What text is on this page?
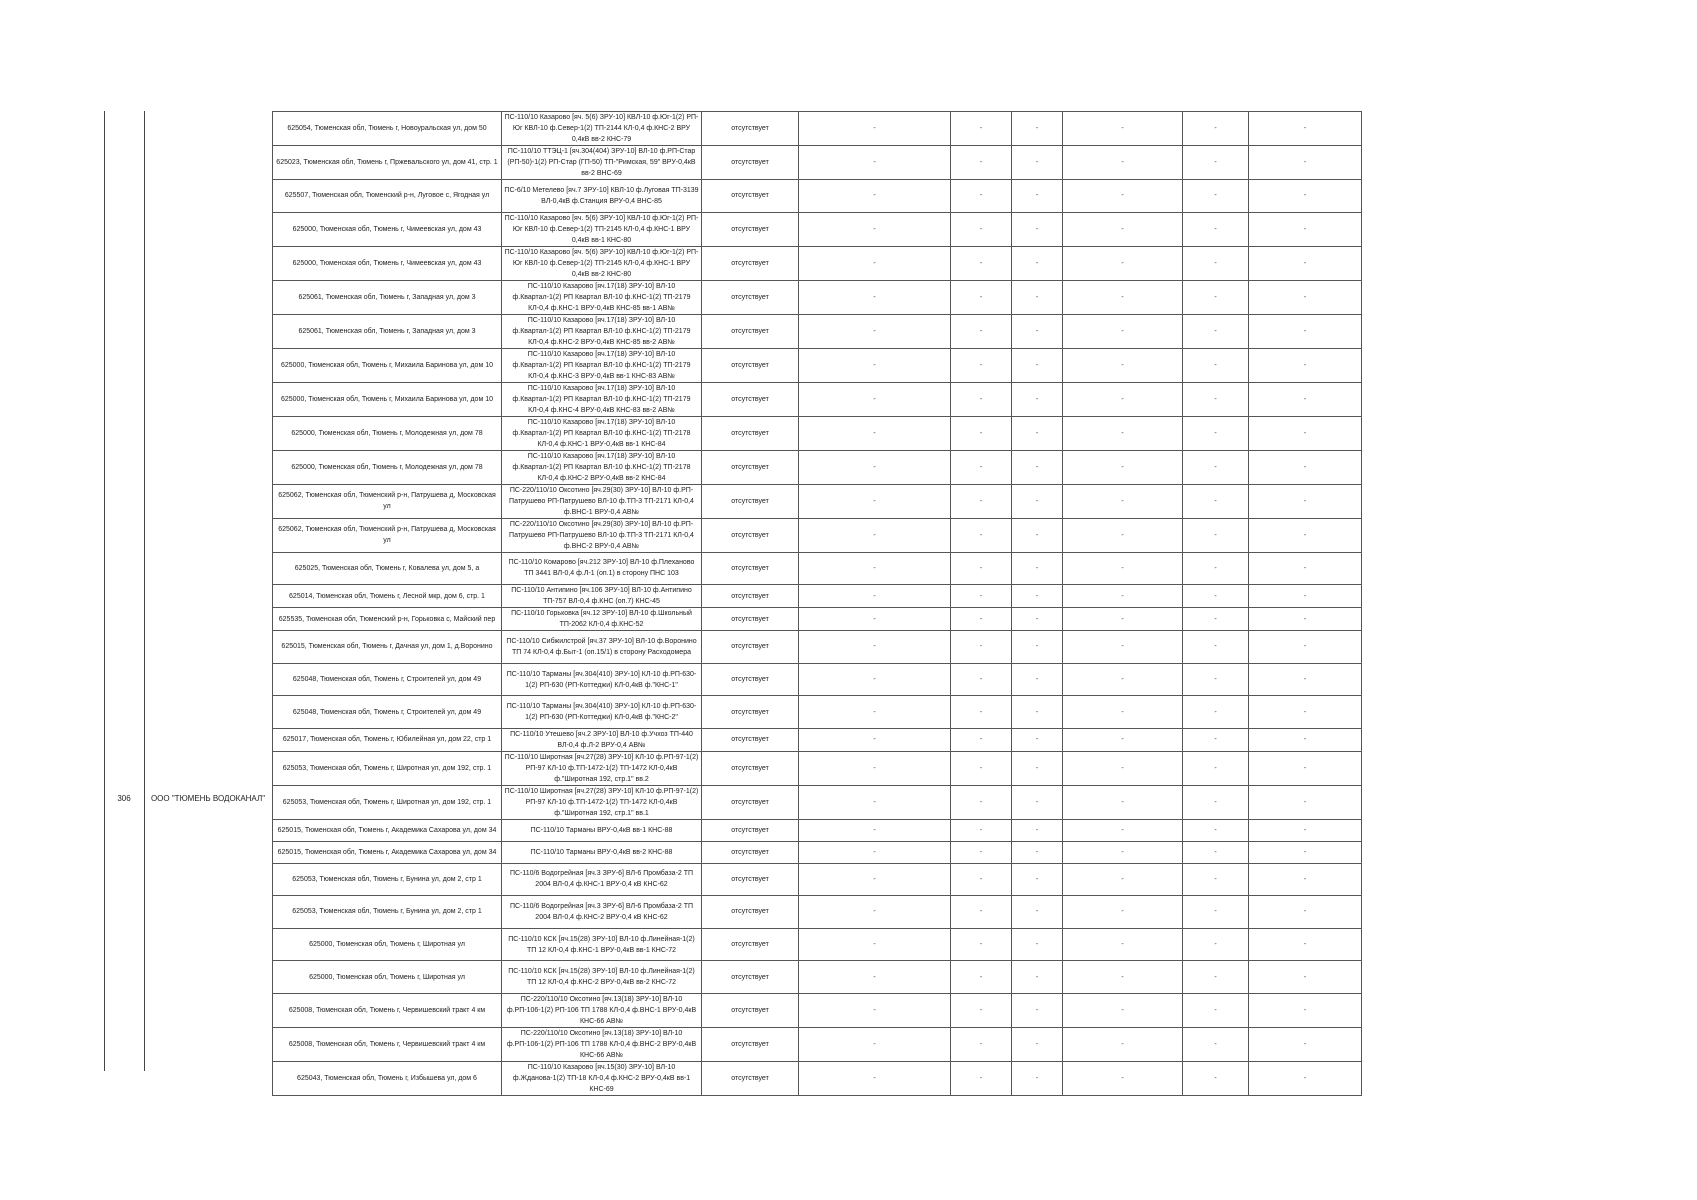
306	ООО "ТЮМЕНЬ ВОДОКАНАЛ"
625054, Тюменская обл, Тюмень г, Новоуральская ул, дом 50	ПС-110/10 Казарово [яч. 5(6) ЗРУ-10] КВЛ-10 ф.Юг-1(2) РП-Юг КВЛ-10 ф.Север-1(2) ТП-2144 КЛ-0,4 ф.КНС-2 ВРУ 0,4кВ вв-2 КНС-79	отсутствует	-	-	-	-	-	-
625023, Тюменская обл, Тюмень г, Пржевальского ул, дом 41, стр. 1	ПС-110/10 ТТЭЦ-1 [яч.304(404) ЗРУ-10] ВЛ-10 ф.РП-Стар (РП-50)-1(2) РП-Стар (ГП-50) ТП-"Римская, 59" ВРУ-0,4кВ вв-2 ВНС-69	отсутствует	-	-	-	-	-	-
625507, Тюменская обл, Тюменский р-н, Луговое с, Ягодная ул	ПС-6/10 Метелево [яч.7 ЗРУ-10] КВЛ-10 ф.Луговая ТП-3139 ВЛ-0,4кВ ф.Станция ВРУ-0,4 ВНС-85	отсутствует	-	-	-	-	-	-
625000, Тюменская обл, Тюмень г, Чимеевская ул, дом 43	ПС-110/10 Казарово [яч. 5(6) ЗРУ-10] КВЛ-10 ф.Юг-1(2) РП-Юг КВЛ-10 ф.Север-1(2) ТП-2145 КЛ-0,4 ф.КНС-1 ВРУ 0,4кВ вв-1 КНС-80	отсутствует	-	-	-	-	-	-
625000, Тюменская обл, Тюмень г, Чимеевская ул, дом 43	ПС-110/10 Казарово [яч. 5(6) ЗРУ-10] КВЛ-10 ф.Юг-1(2) РП-Юг КВЛ-10 ф.Север-1(2) ТП-2145 КЛ-0,4 ф.КНС-1 ВРУ 0,4кВ вв-2 КНС-80	отсутствует	-	-	-	-	-	-
625061, Тюменская обл, Тюмень г, Западная ул, дом 3	ПС-110/10 Казарово [яч.17(18) ЗРУ-10] ВЛ-10 ф.Квартал-1(2) РП Квартал ВЛ-10 ф.КНС-1(2) ТП-2179 КЛ-0,4 ф.КНС-1 ВРУ-0,4кВ КНС-85 вв-1 АВ№	отсутствует	-	-	-	-	-	-
625061, Тюменская обл, Тюмень г, Западная ул, дом 3	ПС-110/10 Казарово [яч.17(18) ЗРУ-10] ВЛ-10 ф.Квартал-1(2) РП Квартал ВЛ-10 ф.КНС-1(2) ТП-2179 КЛ-0,4 ф.КНС-2 ВРУ-0,4кВ КНС-85 вв-2 АВ№	отсутствует	-	-	-	-	-	-
625000, Тюменская обл, Тюмень г, Михаила Баринова ул, дом 10	ПС-110/10 Казарово [яч.17(18) ЗРУ-10] ВЛ-10 ф.Квартал-1(2) РП Квартал ВЛ-10 ф.КНС-1(2) ТП-2179 КЛ-0,4 ф.КНС-3 ВРУ-0,4кВ вв-1 КНС-83 АВ№	отсутствует	-	-	-	-	-	-
625000, Тюменская обл, Тюмень г, Михаила Баринова ул, дом 10	ПС-110/10 Казарово [яч.17(18) ЗРУ-10] ВЛ-10 ф.Квартал-1(2) РП Квартал ВЛ-10 ф.КНС-1(2) ТП-2179 КЛ-0,4 ф.КНС-4 ВРУ-0,4кВ КНС-83 вв-2 АВ№	отсутствует	-	-	-	-	-	-
625000, Тюменская обл, Тюмень г, Молодежная ул, дом 78	ПС-110/10 Казарово [яч.17(18) ЗРУ-10] ВЛ-10 ф.Квартал-1(2) РП Квартал ВЛ-10 ф.КНС-1(2) ТП-2178 КЛ-0,4 ф.КНС-1 ВРУ-0,4кВ вв-1 КНС-84	отсутствует	-	-	-	-	-	-
625000, Тюменская обл, Тюмень г, Молодежная ул, дом 78	ПС-110/10 Казарово [яч.17(18) ЗРУ-10] ВЛ-10 ф.Квартал-1(2) РП Квартал ВЛ-10 ф.КНС-1(2) ТП-2178 КЛ-0,4 ф.КНС-2 ВРУ-0,4кВ вв-2 КНС-84	отсутствует	-	-	-	-	-	-
625062, Тюменская обл, Тюменский р-н, Патрушева д, Московская ул	ПС-220/110/10 Оксотино [яч.29(30) ЗРУ-10] ВЛ-10 ф.РП-Патрушево РП-Патрушево ВЛ-10 ф.ТП-3 ТП-2171 КЛ-0,4 ф.ВНС-1 ВРУ-0,4 АВ№	отсутствует	-	-	-	-	-	-
625062, Тюменская обл, Тюменский р-н, Патрушева д, Московская ул	ПС-220/110/10 Оксотино [яч.29(30) ЗРУ-10] ВЛ-10 ф.РП-Патрушево РП-Патрушево ВЛ-10 ф.ТП-3 ТП-2171 КЛ-0,4 ф.ВНС-2 ВРУ-0,4 АВ№	отсутствует	-	-	-	-	-	-
625025, Тюменская обл, Тюмень г, Ковалева ул, дом 5, а	ПС-110/10 Комарово [яч.212 ЗРУ-10] ВЛ-10 ф.Плеханово ТП 3441 ВЛ-0,4 ф.Л-1 (оп.1) в сторону ПНС 103	отсутствует	-	-	-	-	-	-
625014, Тюменская обл, Тюмень г, Лесной мкр, дом 6, стр. 1	ПС-110/10 Антипино [яч.106 ЗРУ-10] ВЛ-10 ф.Антипино ТП-757 ВЛ-0,4 ф.КНС (оп.7) КНС-45	отсутствует	-	-	-	-	-	-
625535, Тюменская обл, Тюменский р-н, Горьковка с, Майский пер	ПС-110/10 Горьковка [яч.12 ЗРУ-10] ВЛ-10 ф.Школьный ТП-2062 КЛ-0,4 ф.КНС-52	отсутствует	-	-	-	-	-	-
625015, Тюменская обл, Тюмень г, Дачная ул, дом 1, д.Воронино	ПС-110/10 Сибжилстрой [яч.37 ЗРУ-10] ВЛ-10 ф.Воронино ТП 74 КЛ-0,4 ф.Быт-1 (оп.15/1) в сторону Расходомера	отсутствует	-	-	-	-	-	-
625048, Тюменская обл, Тюмень г, Строителей ул, дом 49	ПС-110/10 Тарманы [яч.304(410) ЗРУ-10] КЛ-10 ф.РП-630-1(2) РП-630 (РП-Коттеджи) КЛ-0,4кВ ф."КНС-1"	отсутствует	-	-	-	-	-	-
625048, Тюменская обл, Тюмень г, Строителей ул, дом 49	ПС-110/10 Тарманы [яч.304(410) ЗРУ-10] КЛ-10 ф.РП-630-1(2) РП-630 (РП-Коттеджи) КЛ-0,4кВ ф."КНС-2"	отсутствует	-	-	-	-	-	-
625017, Тюменская обл, Тюмень г, Юбилейная ул, дом 22, стр 1	ПС-110/10 Утешево [яч.2 ЗРУ-10] ВЛ-10 ф.Учхоз ТП-440 ВЛ-0,4 ф.Л-2 ВРУ-0,4 АВ№	отсутствует	-	-	-	-	-	-
625053, Тюменская обл, Тюмень г, Широтная ул, дом 192, стр. 1	ПС-110/10 Широтная [яч.27(28) ЗРУ-10] КЛ-10 ф.РП-97-1(2) РП-97 КЛ-10 ф.ТП-1472-1(2) ТП-1472 КЛ-0,4кВ ф."Широтная 192, стр.1" вв.2	отсутствует	-	-	-	-	-	-
625053, Тюменская обл, Тюмень г, Широтная ул, дом 192, стр. 1	ПС-110/10 Широтная [яч.27(28) ЗРУ-10] КЛ-10 ф.РП-97-1(2) РП-97 КЛ-10 ф.ТП-1472-1(2) ТП-1472 КЛ-0,4кВ ф."Широтная 192, стр.1" вв.1	отсутствует	-	-	-	-	-	-
625015, Тюменская обл, Тюмень г, Академика Сахарова ул, дом 34	ПС-110/10 Тарманы ВРУ-0,4кВ вв-1 КНС-88	отсутствует	-	-	-	-	-	-
625015, Тюменская обл, Тюмень г, Академика Сахарова ул, дом 34	ПС-110/10 Тарманы ВРУ-0,4кВ вв-2 КНС-88	отсутствует	-	-	-	-	-	-
625053, Тюменская обл, Тюмень г, Бунина ул, дом 2, стр 1	ПС-110/6 Водогрейная [яч.3 ЗРУ-6] ВЛ-6 Промбаза-2 ТП 2004 ВЛ-0,4 ф.КНС-1 ВРУ-0,4 кВ КНС-62	отсутствует	-	-	-	-	-	-
625053, Тюменская обл, Тюмень г, Бунина ул, дом 2, стр 1	ПС-110/6 Водогрейная [яч.3 ЗРУ-6] ВЛ-6 Промбаза-2 ТП 2004 ВЛ-0,4 ф.КНС-2 ВРУ-0,4 кВ КНС-62	отсутствует	-	-	-	-	-	-
625000, Тюменская обл, Тюмень г, Широтная ул	ПС-110/10 КСК [яч.15(28) ЗРУ-10] ВЛ-10 ф.Линейная-1(2) ТП 12 КЛ-0,4 ф.КНС-1 ВРУ-0,4кВ вв-1 КНС-72	отсутствует	-	-	-	-	-	-
625000, Тюменская обл, Тюмень г, Широтная ул	ПС-110/10 КСК [яч.15(28) ЗРУ-10] ВЛ-10 ф.Линейная-1(2) ТП 12 КЛ-0,4 ф.КНС-2 ВРУ-0,4кВ вв-2 КНС-72	отсутствует	-	-	-	-	-	-
625008, Тюменская обл, Тюмень г, Червишевский тракт 4 км	ПС-220/110/10 Оксотино [яч.13(18) ЗРУ-10] ВЛ-10 ф.РП-106-1(2) РП-106 ТП 1788 КЛ-0,4 ф.ВНС-1 ВРУ-0,4кВ КНС-66 АВ№	отсутствует	-	-	-	-	-	-
625008, Тюменская обл, Тюмень г, Червишевский тракт 4 км	ПС-220/110/10 Оксотино [яч.13(18) ЗРУ-10] ВЛ-10 ф.РП-106-1(2) РП-106 ТП 1788 КЛ-0,4 ф.ВНС-2 ВРУ-0,4кВ КНС-66 АВ№	отсутствует	-	-	-	-	-	-
625043, Тюменская обл, Тюмень г, Избышева ул, дом 6	ПС-110/10 Казарово [яч.15(30) ЗРУ-10] ВЛ-10 ф.Жданова-1(2) ТП-18 КЛ-0,4 ф.КНС-2 ВРУ-0,4кВ вв-1 КНС-69	отсутствует	-	-	-	-	-	-
